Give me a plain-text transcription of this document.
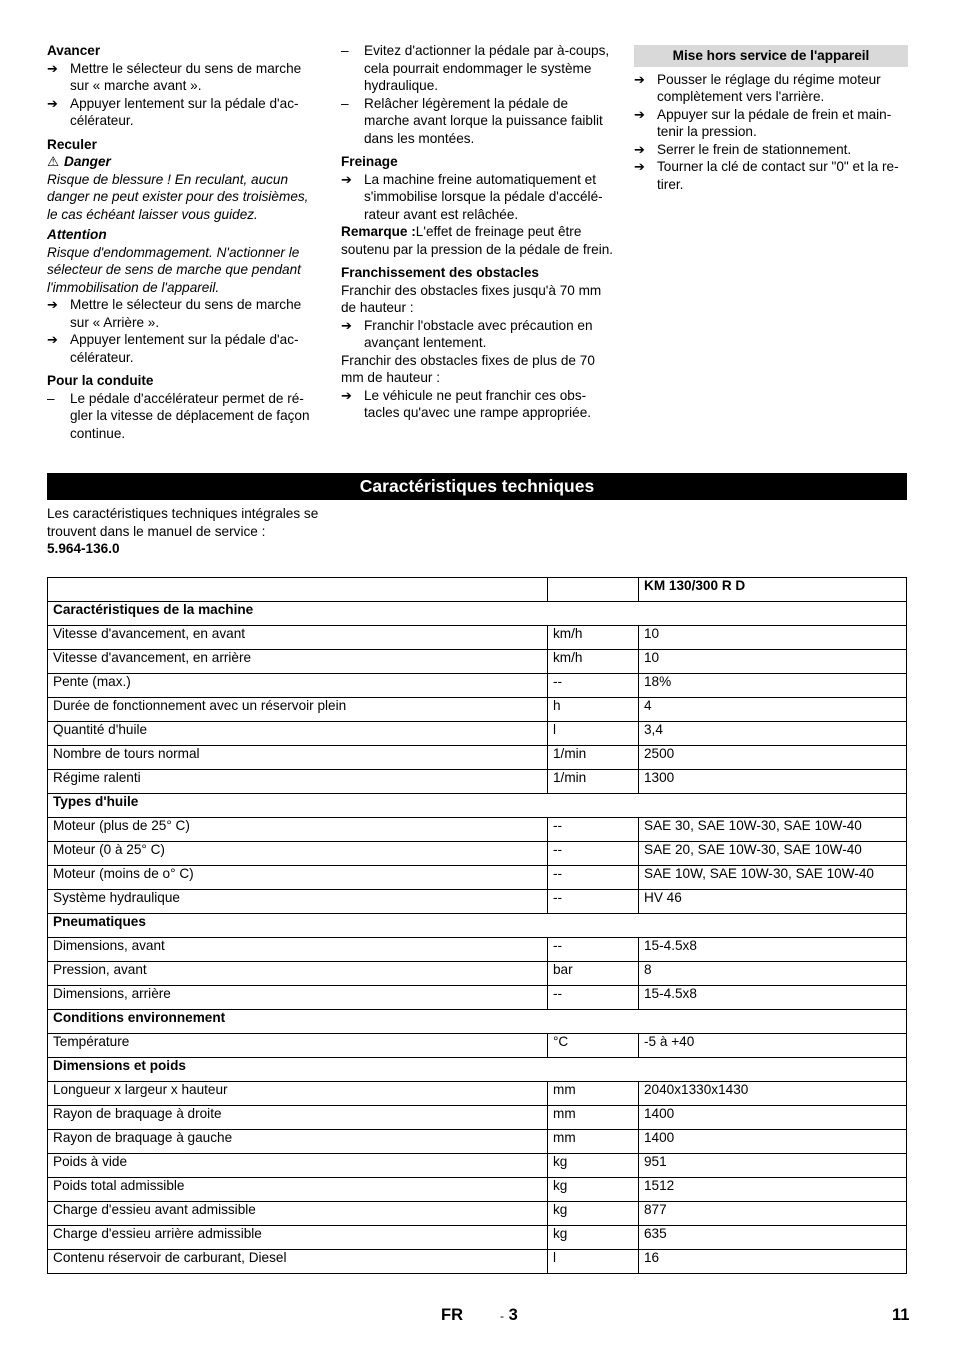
Avancer
➔ Mettre le sélecteur du sens de marche sur « marche avant ».
➔ Appuyer lentement sur la pédale d'ac-célérateur.
Reculer
⚠ Danger

Risque de blessure ! En reculant, aucun danger ne peut exister pour des troisièmes, le cas échéant laisser vous guidez.

Attention

Risque d'endommagement. N'actionner le sélecteur de sens de marche que pendant l'immobilisation de l'appareil.

➔ Mettre le sélecteur du sens de marche sur « Arrière ».
➔ Appuyer lentement sur la pédale d'ac-célérateur.
Pour la conduite
–	Le pédale d'accélérateur permet de ré-gler la vitesse de déplacement de façon continue.
–	Evitez d'actionner la pédale par à-coups, cela pourrait endommager le système hydraulique.
–	Relâcher légèrement la pédale de marche avant lorque la puissance faiblit dans les montées.
Freinage
➔ La machine freine automatiquement et s'immobilise lorsque la pédale d'accélé-rateur avant est relâchée.

Remarque :L'effet de freinage peut être soutenu par la pression de la pédale de frein.

Franchissement des obstacles

Franchir des obstacles fixes jusqu'à 70 mm de hauteur :

➔ Franchir l'obstacle avec précaution en avançant lentement.

Franchir des obstacles fixes de plus de 70 mm de hauteur :

➔ Le véhicule ne peut franchir ces obs-tacles qu'avec une rampe appropriée.
Mise hors service de l'appareil
➔ Pousser le réglage du régime moteur complètement vers l'arrière.
➔ Appuyer sur la pédale de frein et main-tenir la pression.
➔ Serrer le frein de stationnement.
➔ Tourner la clé de contact sur "0" et la re-tirer.
Caractéristiques techniques

Les caractéristiques techniques intégrales se trouvent dans le manuel de service :

5.964-136.0

		KM 130/300 R D
Caractéristiques de la machine		
Vitesse d'avancement, en avant	km/h	10
Vitesse d'avancement, en arrière	km/h	10
Pente (max.)	--	18%
Durée de fonctionnement avec un réservoir plein	h	4
Quantité d'huile	l	3,4
Nombre de tours normal	1/min	2500
Régime ralenti	1/min	1300
Types d'huile		
Moteur (plus de 25° C)	--	SAE 30, SAE 10W-30, SAE 10W-40
Moteur (0 à 25° C)	--	SAE 20, SAE 10W-30, SAE 10W-40
Moteur (moins de o° C)	--	SAE 10W, SAE 10W-30, SAE 10W-40
Système hydraulique	--	HV 46
Pneumatiques		
Dimensions, avant	--	15-4.5x8
Pression, avant	bar	8
Dimensions, arrière	--	15-4.5x8
Conditions environnement		
Température	°C	-5 à +40
Dimensions et poids		
Longueur x largeur x hauteur	mm	2040x1330x1430
Rayon de braquage à droite	mm	1400
Rayon de braquage à gauche	mm	1400
Poids à vide	kg	951
Poids total admissible	kg	1512
Charge d'essieu avant admissible	kg	877
Charge d'essieu arrière admissible	kg	635
Contenu réservoir de carburant, Diesel	l	16
FR	- 3	11
